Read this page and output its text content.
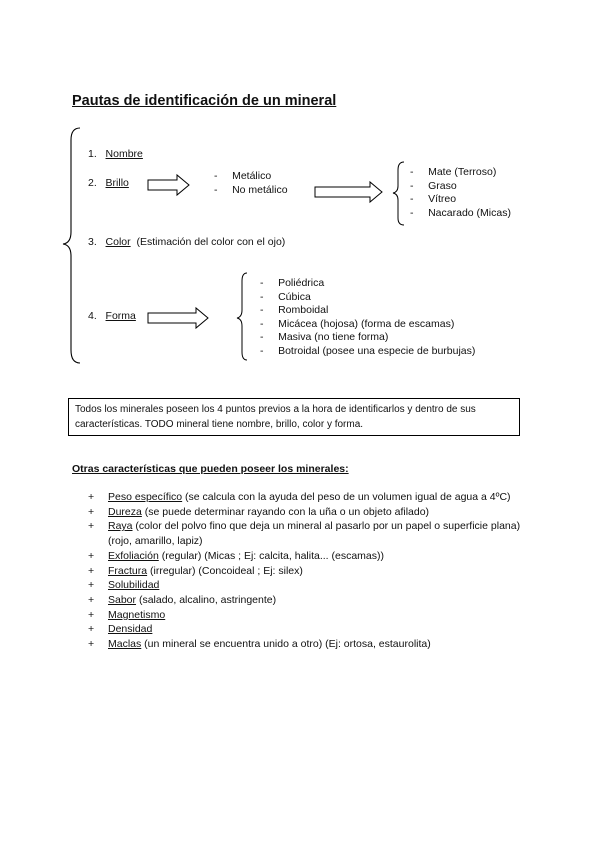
Pautas de identificación de un mineral
1. Nombre
2. Brillo
3. Color (Estimación del color con el ojo)
4. Forma
- Metálico
- No metálico
- Mate (Terroso)
- Graso
- Vítreo
- Nacarado (Micas)
- Poliédrica
- Cúbica
- Romboidal
- Micácea (hojosa) (forma de escamas)
- Masiva (no tiene forma)
- Botroidal (posee una especie de burbujas)
Todos los minerales poseen los 4 puntos previos a la hora de identificarlos y dentro de sus características. TODO mineral tiene nombre, brillo, color y forma.
Otras características que pueden poseer los minerales:
+	Peso específico (se calcula con la ayuda del peso de un volumen igual de agua a 4ºC)
+	Dureza (se puede determinar rayando con la uña o un objeto afilado)
+	Raya (color del polvo fino que deja un mineral al pasarlo por un papel o superficie plana) (rojo, amarillo, lapiz)
+	Exfoliación (regular) (Micas ; Ej: calcita, halita... (escamas))
+	Fractura (irregular) (Concoideal ; Ej: silex)
+	Solubilidad
+	Sabor (salado, alcalino, astringente)
+	Magnetismo
+	Densidad
+	Maclas (un mineral se encuentra unido a otro) (Ej: ortosa, estaurolita)
